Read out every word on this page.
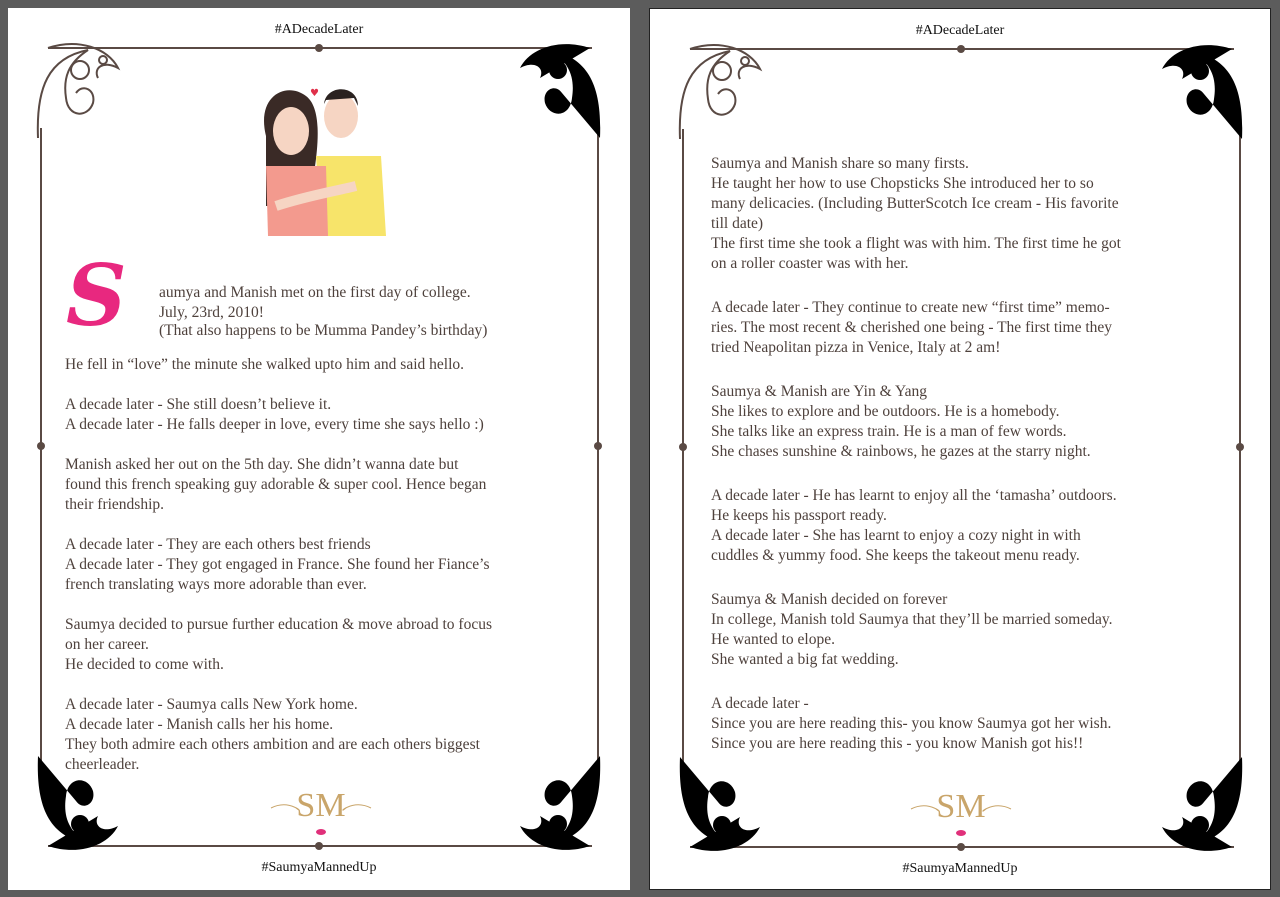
#ADecadeLater
♥
S aumya and Manish met on the first day of college.
July, 23rd, 2010!
(That also happens to be Mumma Pandey’s birthday)
He fell in “love” the minute she walked upto him and said hello.
A decade later - She still doesn’t believe it.
A decade later - He falls deeper in love, every time she says hello :)
Manish asked her out on the 5th day. She didn’t wanna date but
found this french speaking guy adorable & super cool. Hence began
their friendship.
A decade later - They are each others best friends
A decade later - They got engaged in France. She found her Fiance’s
french translating ways more adorable than ever.
Saumya decided to pursue further education & move abroad to focus
on her career.
He decided to come with.
A decade later - Saumya calls New York home.
A decade later - Manish calls her his home.
They both admire each others ambition and are each others biggest
cheerleader.
SM
#SaumyaMannedUp
#ADecadeLater
Saumya and Manish share so many firsts.
He taught her how to use Chopsticks She introduced her to so
many delicacies. (Including ButterScotch Ice cream - His favorite
till date)
The first time she took a flight was with him. The first time he got
on a roller coaster was with her.
A decade later - They continue to create new “first time” memo-
ries. The most recent & cherished one being - The first time they
tried Neapolitan pizza in Venice, Italy at 2 am!
Saumya & Manish are Yin & Yang
She likes to explore and be outdoors. He is a homebody.
She talks like an express train. He is a man of few words.
She chases sunshine & rainbows, he gazes at the starry night.
A decade later - He has learnt to enjoy all the ‘tamasha’ outdoors.
He keeps his passport ready.
A decade later - She has learnt to enjoy a cozy night in with
cuddles & yummy food. She keeps the takeout menu ready.
Saumya & Manish decided on forever
In college, Manish told Saumya that they’ll be married someday.
He wanted to elope.
She wanted a big fat wedding.
A decade later -
Since you are here reading this- you know Saumya got her wish.
Since you are here reading this - you know Manish got his!!
SM
#SaumyaMannedUp
